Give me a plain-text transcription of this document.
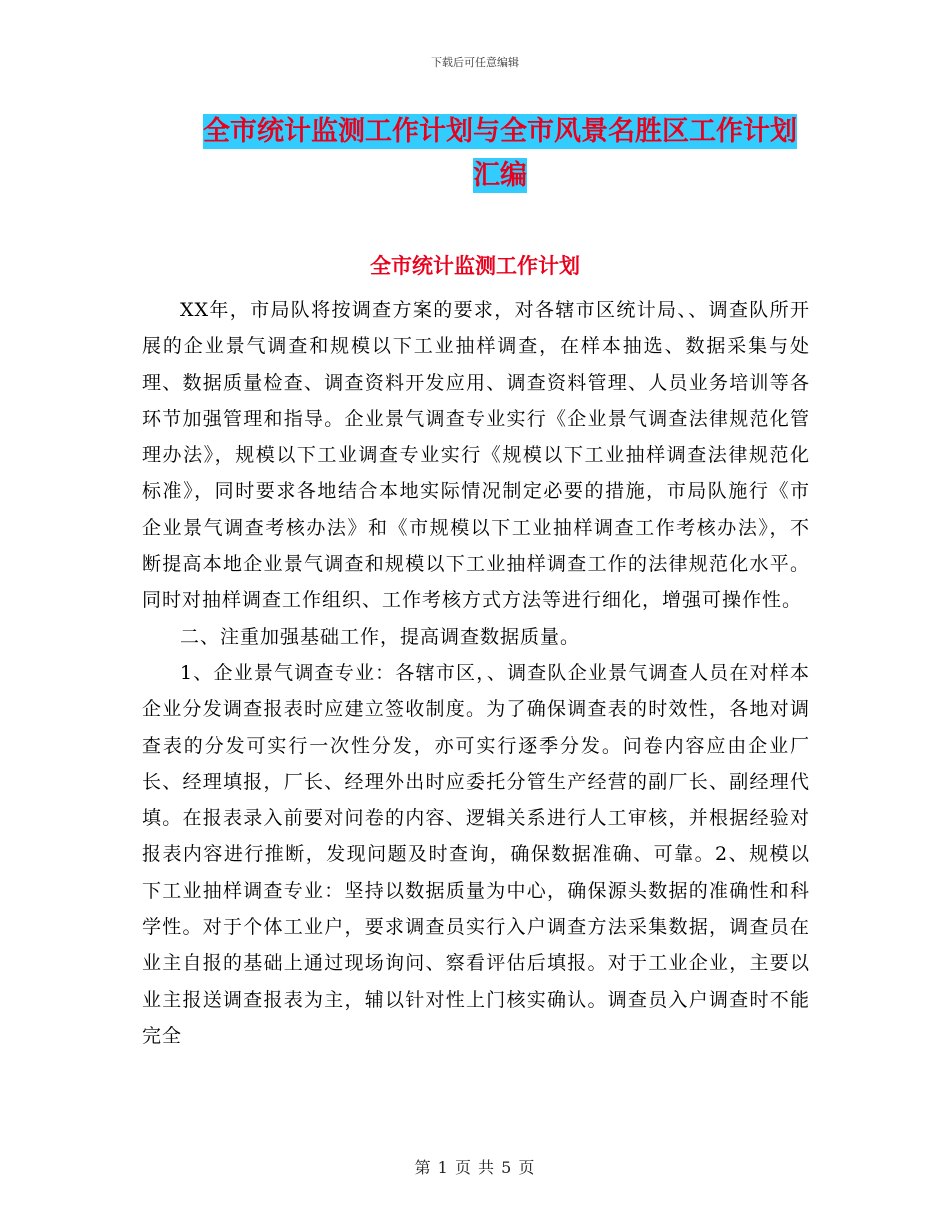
下载后可任意编辑
全市统计监测工作计划与全市风景名胜区工作计划汇编
全市统计监测工作计划

XX年，市局队将按调查方案的要求，对各辖市区统计局、、调查队所开展的企业景气调查和规模以下工业抽样调查，在样本抽选、数据采集与处理、数据质量检查、调查资料开发应用、调查资料管理、人员业务培训等各环节加强管理和指导。企业景气调查专业实行《企业景气调查法律规范化管理办法》，规模以下工业调查专业实行《规模以下工业抽样调查法律规范化标准》，同时要求各地结合本地实际情况制定必要的措施，市局队施行《市企业景气调查考核办法》和《市规模以下工业抽样调查工作考核办法》，不断提高本地企业景气调查和规模以下工业抽样调查工作的法律规范化水平。同时对抽样调查工作组织、工作考核方式方法等进行细化，增强可操作性。

二、注重加强基础工作，提高调查数据质量。

1、企业景气调查专业：各辖市区，、调查队企业景气调查人员在对样本企业分发调查报表时应建立签收制度。为了确保调查表的时效性，各地对调查表的分发可实行一次性分发，亦可实行逐季分发。问卷内容应由企业厂长、经理填报，厂长、经理外出时应委托分管生产经营的副厂长、副经理代填。在报表录入前要对问卷的内容、逻辑关系进行人工审核，并根据经验对报表内容进行推断，发现问题及时查询，确保数据准确、可靠。2、规模以下工业抽样调查专业：坚持以数据质量为中心，确保源头数据的准确性和科学性。对于个体工业户，要求调查员实行入户调查方法采集数据，调查员在业主自报的基础上通过现场询问、察看评估后填报。对于工业企业，主要以业主报送调查报表为主，辅以针对性上门核实确认。调查员入户调查时不能完全

第 1 页 共 5 页
